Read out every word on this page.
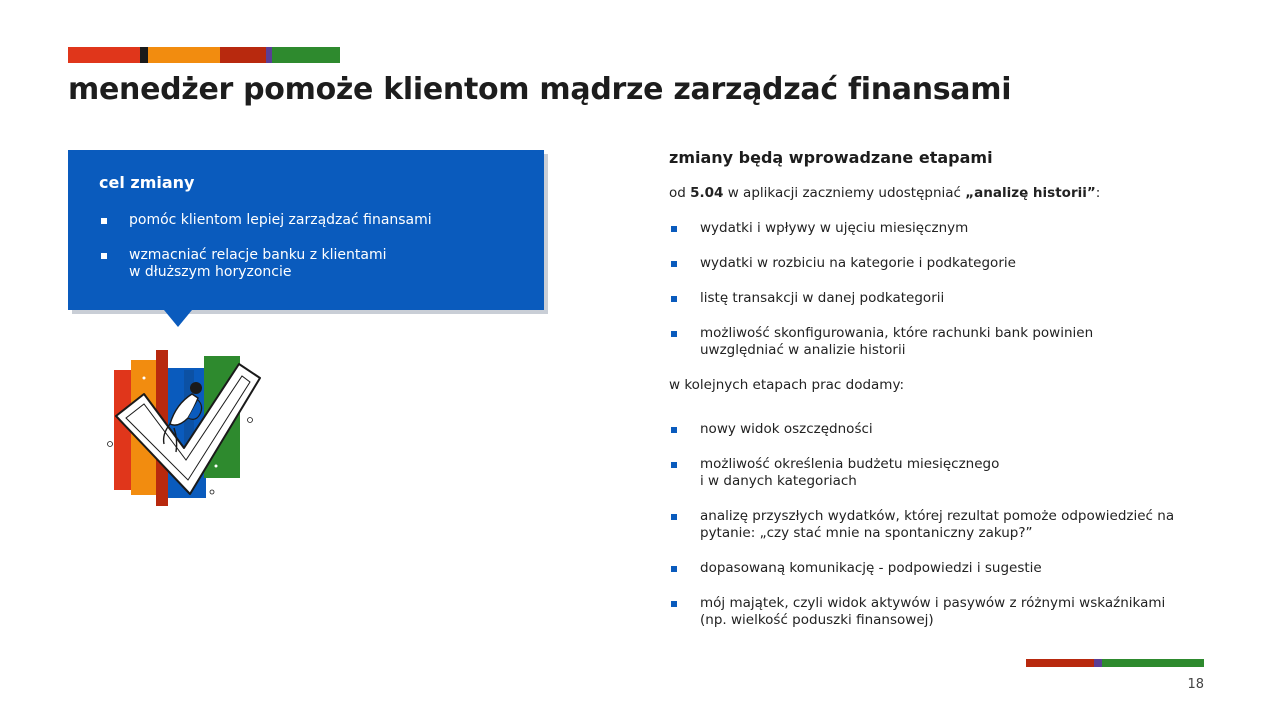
menedżer pomoże klientom mądrze zarządzać finansami
cel zmiany
pomóc klientom lepiej zarządzać finansami
wzmacniać relacje banku z klientami
w dłuższym horyzoncie
zmiany będą wprowadzane etapami

od 5.04 w aplikacji zaczniemy udostępniać „analizę historii”:

wydatki i wpływy w ujęciu miesięcznym
wydatki w rozbiciu na kategorie i podkategorie
listę transakcji w danej podkategorii
możliwość skonfigurowania, które rachunki bank powinien
uwzględniać w analizie historii

w kolejnych etapach prac dodamy:

nowy widok oszczędności
możliwość określenia budżetu miesięcznego
i w danych kategoriach
analizę przyszłych wydatków, której rezultat pomoże odpowiedzieć na
pytanie: „czy stać mnie na spontaniczny zakup?”
dopasowaną komunikację - podpowiedzi i sugestie
mój majątek, czyli widok aktywów i pasywów z różnymi wskaźnikami
(np. wielkość poduszki finansowej)
18
